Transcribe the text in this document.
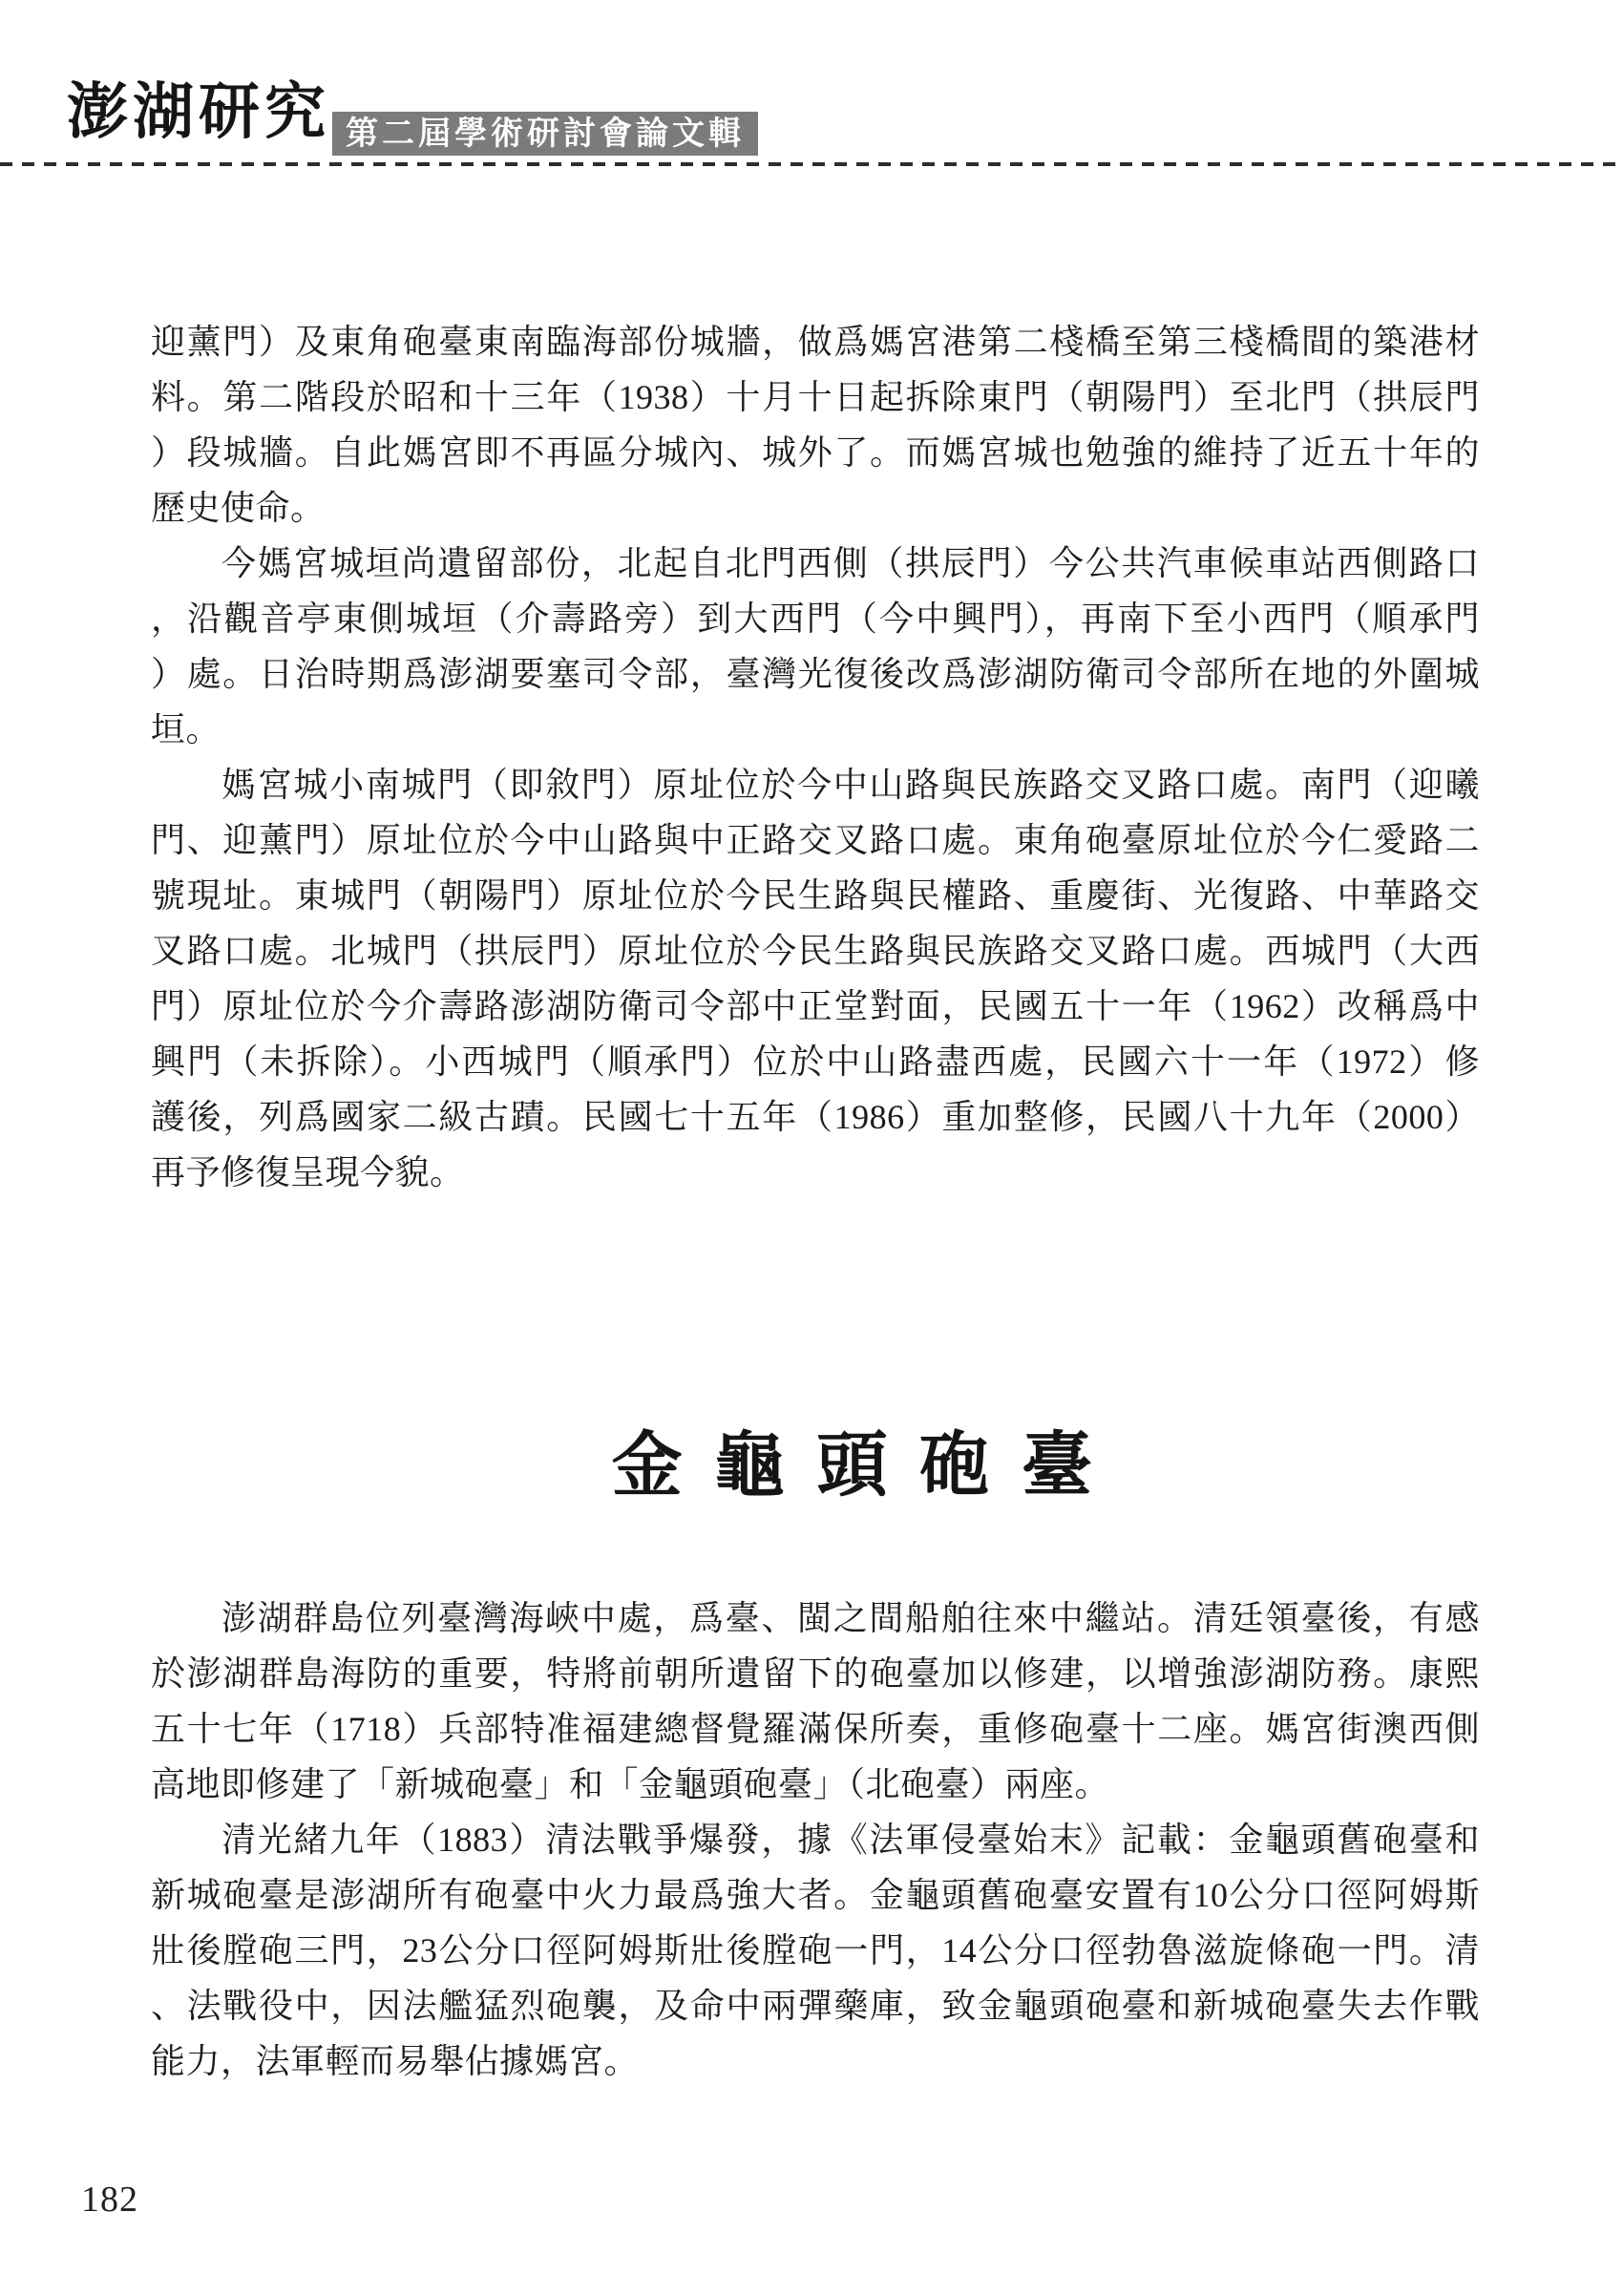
澎湖研究 第二屆學術研討會論文輯
迎薰門）及東角砲臺東南臨海部份城牆，做爲媽宮港第二棧橋至第三棧橋間的築港材
料。第二階段於昭和十三年（1938）十月十日起拆除東門（朝陽門）至北門（拱辰門
）段城牆。自此媽宮即不再區分城內、城外了。而媽宮城也勉強的維持了近五十年的
歷史使命。
今媽宮城垣尚遺留部份，北起自北門西側（拱辰門）今公共汽車候車站西側路口
，沿觀音亭東側城垣（介壽路旁）到大西門（今中興門），再南下至小西門（順承門
）處。日治時期爲澎湖要塞司令部，臺灣光復後改爲澎湖防衛司令部所在地的外圍城
垣。
媽宮城小南城門（即敘門）原址位於今中山路與民族路交叉路口處。南門（迎曦
門、迎薰門）原址位於今中山路與中正路交叉路口處。東角砲臺原址位於今仁愛路二
號現址。東城門（朝陽門）原址位於今民生路與民權路、重慶街、光復路、中華路交
叉路口處。北城門（拱辰門）原址位於今民生路與民族路交叉路口處。西城門（大西
門）原址位於今介壽路澎湖防衛司令部中正堂對面，民國五十一年（1962）改稱爲中
興門（未拆除）。小西城門（順承門）位於中山路盡西處，民國六十一年（1972）修
護後，列爲國家二級古蹟。民國七十五年（1986）重加整修，民國八十九年（2000）
再予修復呈現今貌。
金龜頭砲臺
澎湖群島位列臺灣海峽中處，爲臺、閩之間船舶往來中繼站。清廷領臺後，有感
於澎湖群島海防的重要，特將前朝所遺留下的砲臺加以修建，以增強澎湖防務。康熙
五十七年（1718）兵部特准福建總督覺羅滿保所奏，重修砲臺十二座。媽宮街澳西側
高地即修建了「新城砲臺」和「金龜頭砲臺」（北砲臺）兩座。
清光緒九年（1883）清法戰爭爆發，據《法軍侵臺始末》記載：金龜頭舊砲臺和
新城砲臺是澎湖所有砲臺中火力最爲強大者。金龜頭舊砲臺安置有10公分口徑阿姆斯
壯後膛砲三門，23公分口徑阿姆斯壯後膛砲一門，14公分口徑勃魯滋旋條砲一門。清
、法戰役中，因法艦猛烈砲襲，及命中兩彈藥庫，致金龜頭砲臺和新城砲臺失去作戰
能力，法軍輕而易舉佔據媽宮。
182
